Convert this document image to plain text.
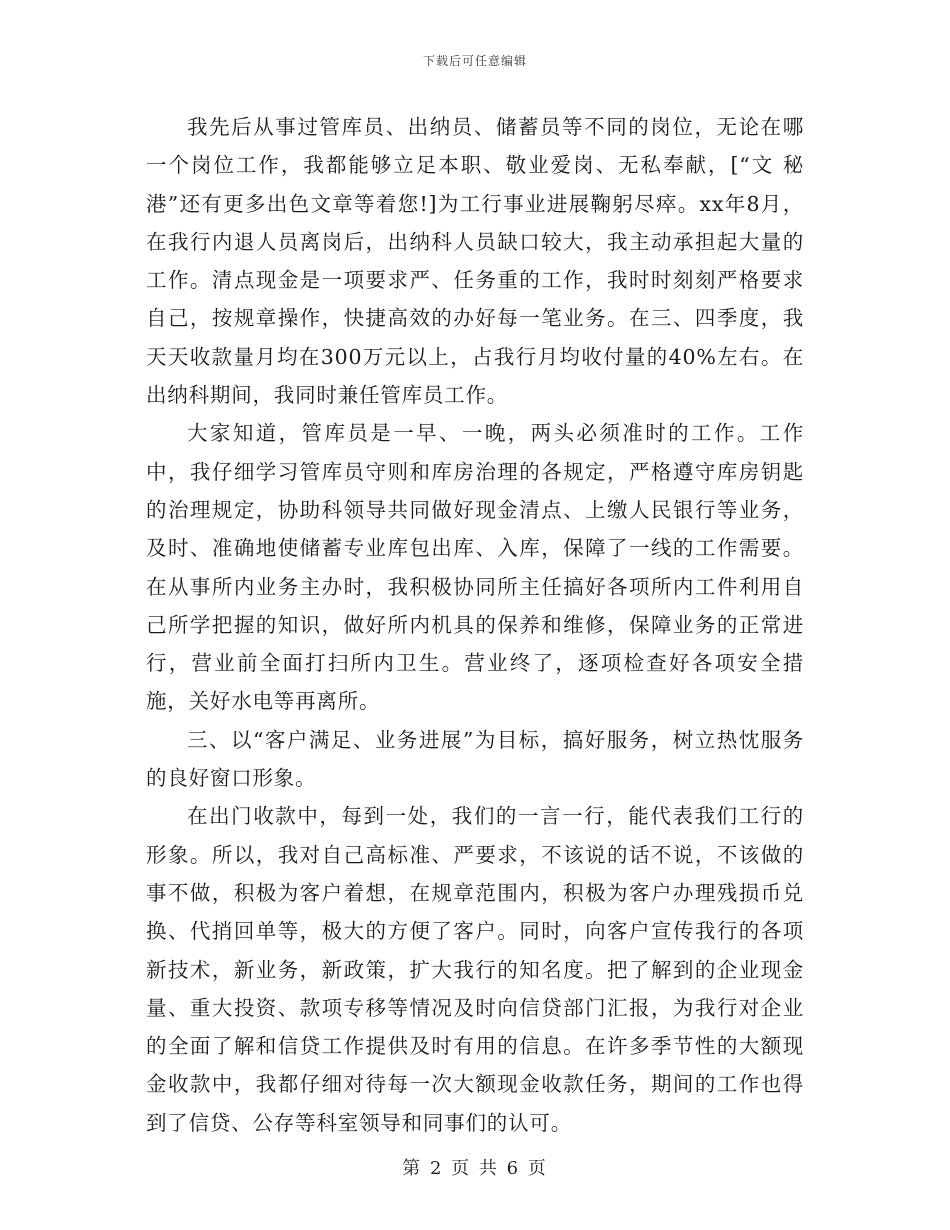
下载后可任意编辑

我先后从事过管库员、出纳员、储蓄员等不同的岗位，无论在哪一个岗位工作，我都能够立足本职、敬业爱岗、无私奉献，[“文 秘港”还有更多出色文章等着您!]为工行事业进展鞠躬尽瘁。xx年8月，在我行内退人员离岗后，出纳科人员缺口较大，我主动承担起大量的工作。清点现金是一项要求严、任务重的工作，我时时刻刻严格要求自己，按规章操作，快捷高效的办好每一笔业务。在三、四季度，我天天收款量月均在300万元以上，占我行月均收付量的40%左右。在出纳科期间，我同时兼任管库员工作。

大家知道，管库员是一早、一晚，两头必须准时的工作。工作中，我仔细学习管库员守则和库房治理的各规定，严格遵守库房钥匙的治理规定，协助科领导共同做好现金清点、上缴人民银行等业务，及时、准确地使储蓄专业库包出库、入库，保障了一线的工作需要。在从事所内业务主办时，我积极协同所主任搞好各项所内工件利用自己所学把握的知识，做好所内机具的保养和维修，保障业务的正常进行，营业前全面打扫所内卫生。营业终了，逐项检查好各项安全措施，关好水电等再离所。

三、以“客户满足、业务进展”为目标，搞好服务，树立热忱服务的良好窗口形象。

在出门收款中，每到一处，我们的一言一行，能代表我们工行的形象。所以，我对自己高标准、严要求，不该说的话不说，不该做的事不做，积极为客户着想，在规章范围内，积极为客户办理残损币兑换、代捎回单等，极大的方便了客户。同时，向客户宣传我行的各项新技术，新业务，新政策，扩大我行的知名度。把了解到的企业现金量、重大投资、款项专移等情况及时向信贷部门汇报，为我行对企业的全面了解和信贷工作提供及时有用的信息。在许多季节性的大额现金收款中，我都仔细对待每一次大额现金收款任务，期间的工作也得到了信贷、公存等科室领导和同事们的认可。

第 2 页 共 6 页
